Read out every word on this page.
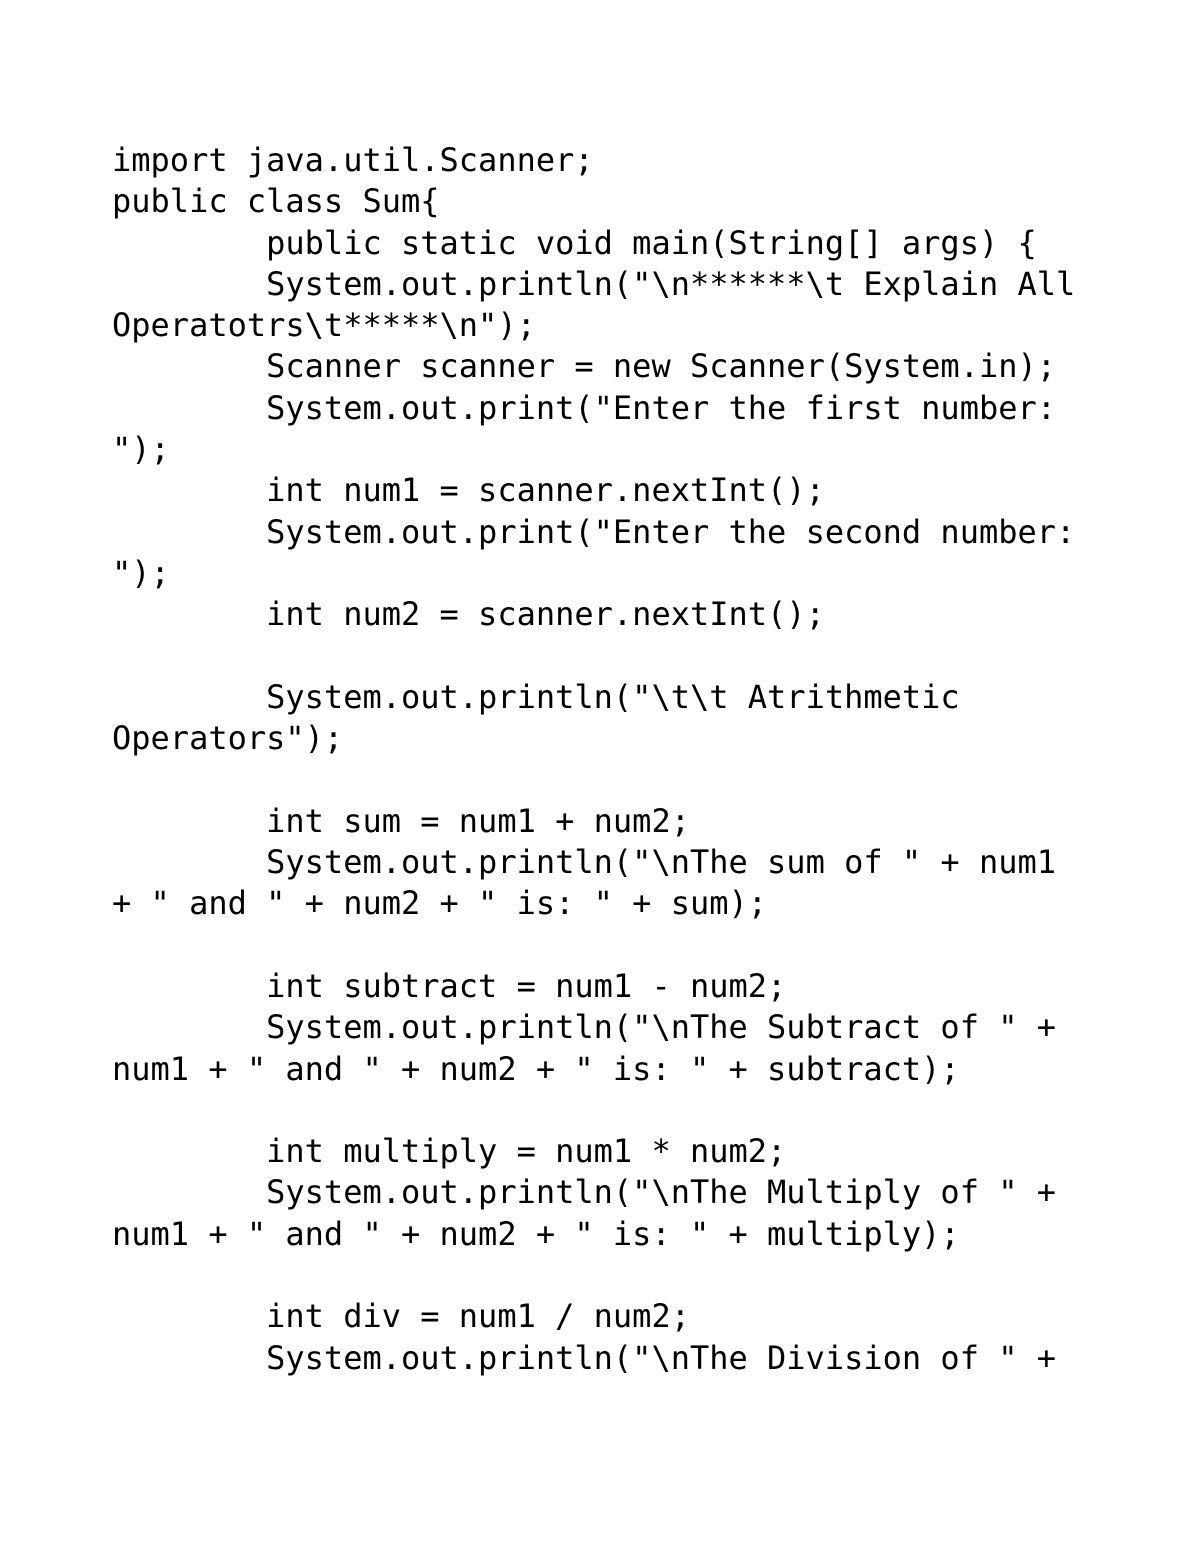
import java.util.Scanner;
public class Sum{
public static void main(String[] args) {
System.out.println("\n******\t Explain All
Operatotrs\t*****\n");
Scanner scanner = new Scanner(System.in);
System.out.print("Enter the first number:
");
int num1 = scanner.nextInt();
System.out.print("Enter the second number:
");
int num2 = scanner.nextInt();
System.out.println("\t\t Atrithmetic
Operators");
int sum = num1 + num2;
System.out.println("\nThe sum of " + num1
+ " and " + num2 + " is: " + sum);
int subtract = num1 - num2;
System.out.println("\nThe Subtract of " +
num1 + " and " + num2 + " is: " + subtract);
int multiply = num1 * num2;
System.out.println("\nThe Multiply of " +
num1 + " and " + num2 + " is: " + multiply);
int div = num1 / num2;
System.out.println("\nThe Division of " +
